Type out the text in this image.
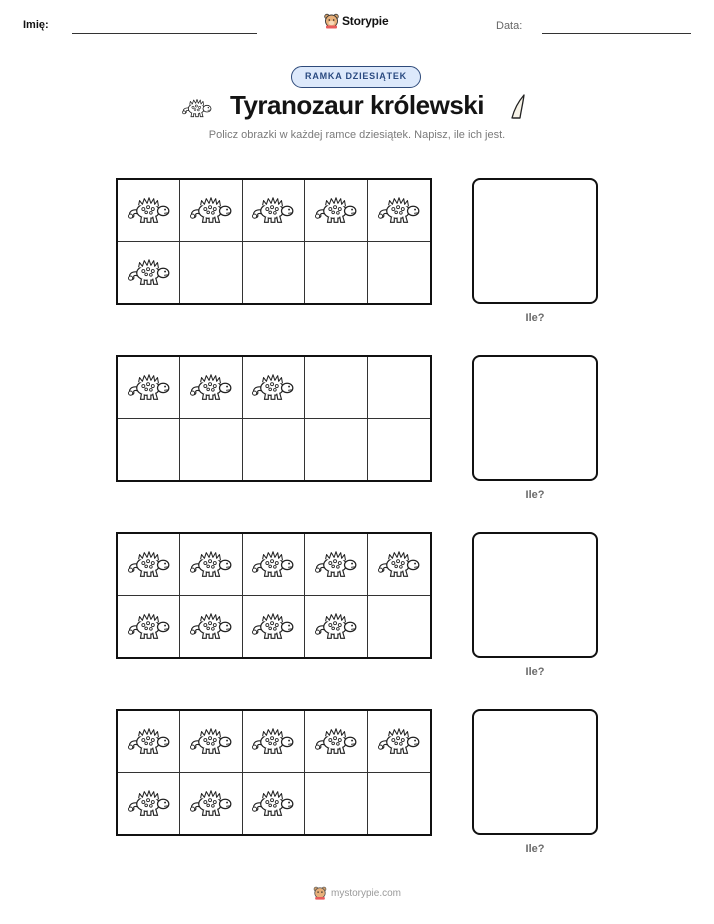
Imię:	Storypie	Data:
RAMKA DZIESIĄTEK
Tyranozaur królewski
Policz obrazki w każdej ramce dziesiątek. Napisz, ile ich jest.
Ile?
Ile?
Ile?
Ile?
mystorypie.com
